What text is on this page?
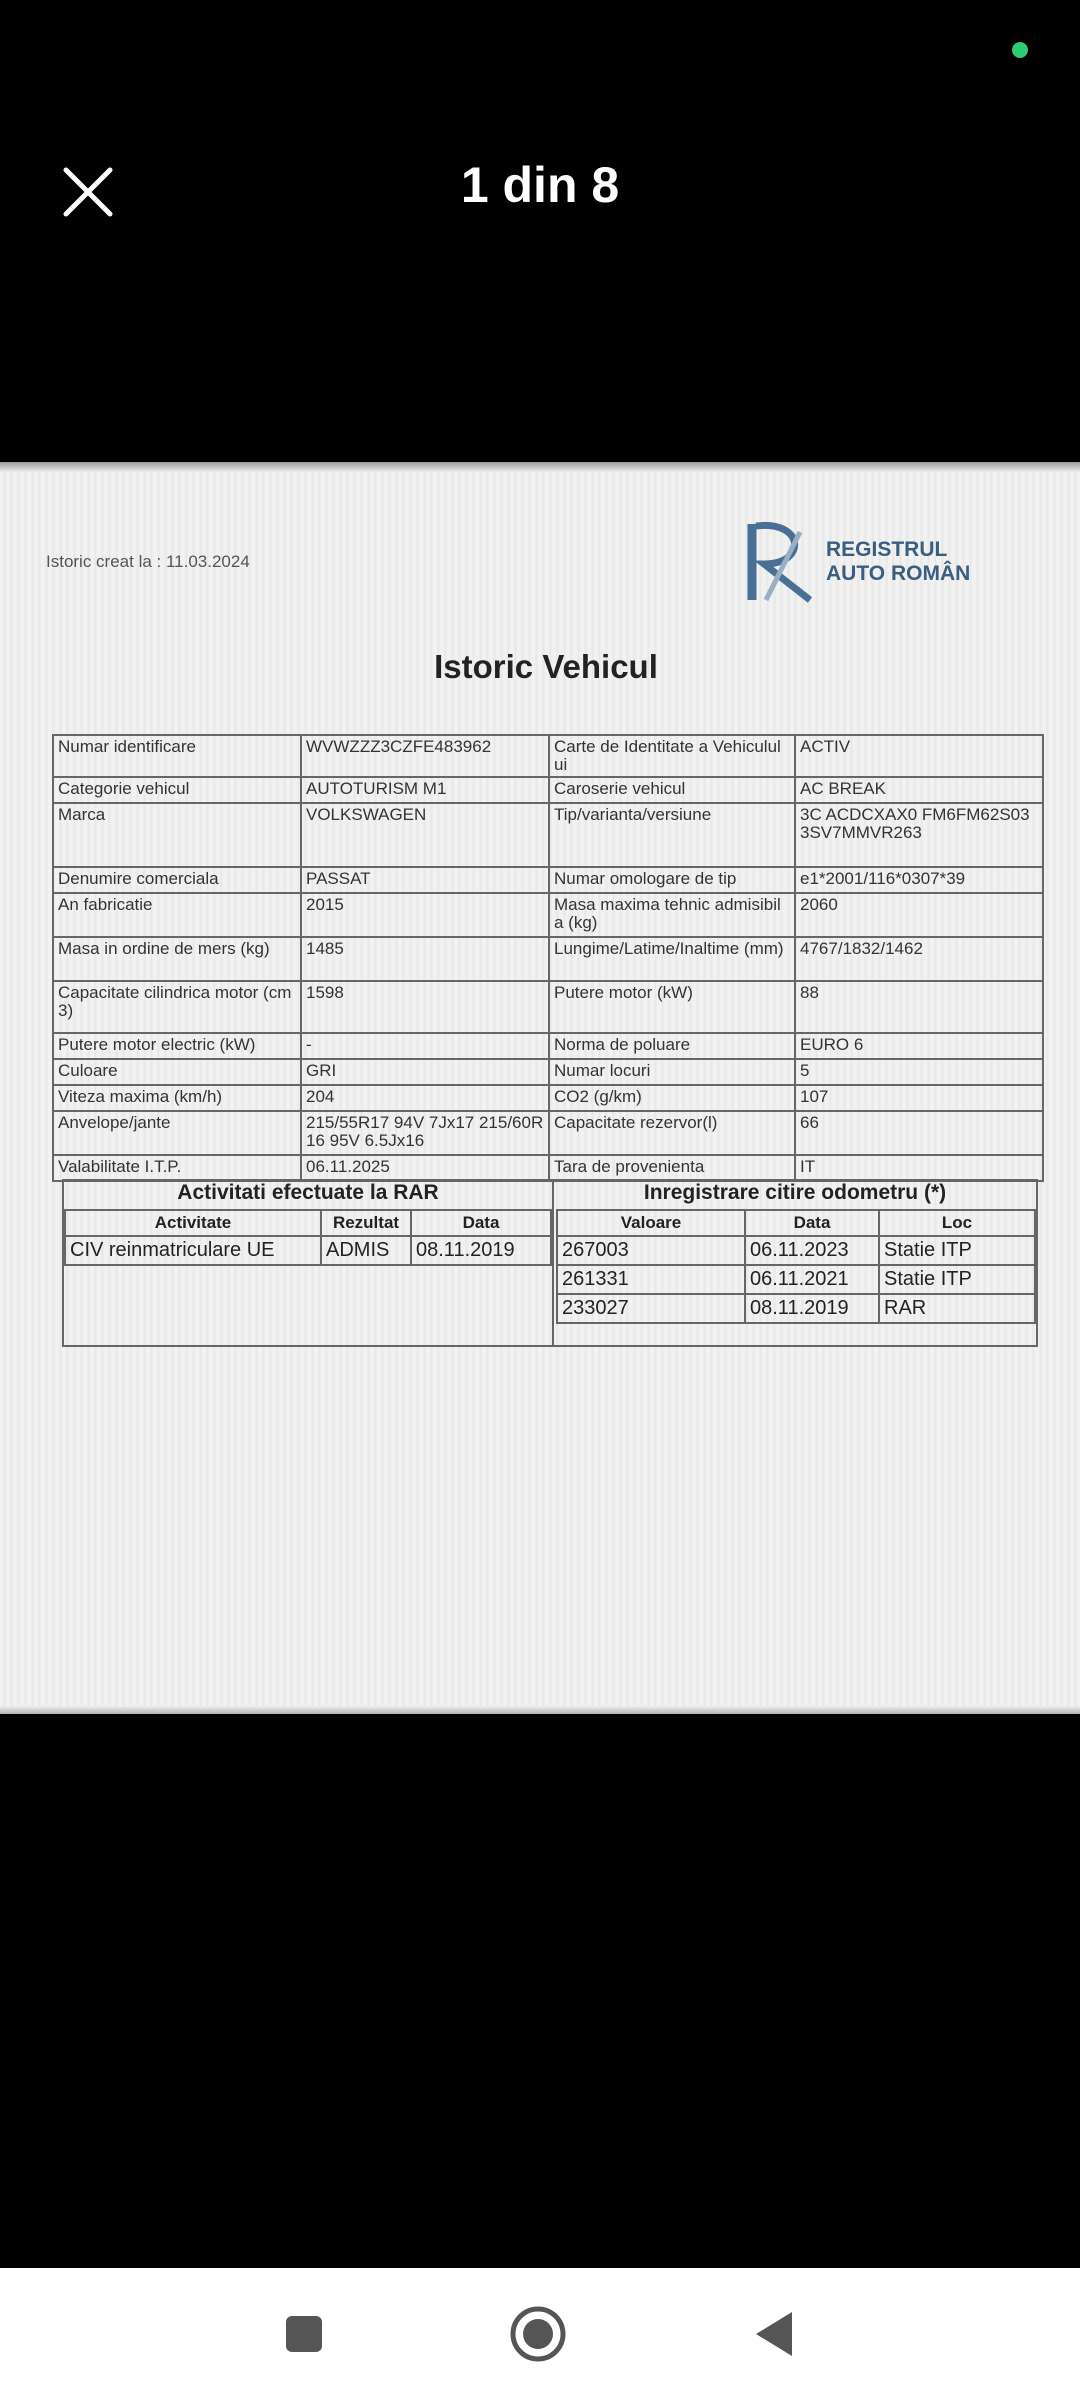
1 din 8
Istoric creat la : 11.03.2024
REGISTRUL
AUTO ROMÂN
Istoric Vehicul
Numar identificare	WVWZZZ3CZFE483962	Carte de Identitate a Vehiculului	ACTIV
Categorie vehicul	AUTOTURISM M1	Caroserie vehicul	AC BREAK
Marca	VOLKSWAGEN	Tip/varianta/versiune	3C ACDCXAX0 FM6FM62S033SV7MMVR263
Denumire comerciala	PASSAT	Numar omologare de tip	e1*2001/116*0307*39
An fabricatie	2015	Masa maxima tehnic admisibila (kg)	2060
Masa in ordine de mers (kg)	1485	Lungime/Latime/Inaltime (mm)	4767/1832/1462
Capacitate cilindrica motor (cm3)	1598	Putere motor (kW)	88
Putere motor electric (kW)	-	Norma de poluare	EURO 6
Culoare	GRI	Numar locuri	5
Viteza maxima (km/h)	204	CO2 (g/km)	107
Anvelope/jante	215/55R17 94V 7Jx17 215/60R16 95V 6.5Jx16	Capacitate rezervor(l)	66
Valabilitate I.T.P.	06.11.2025	Tara de provenienta	IT
Activitati efectuate la RAR	Inregistrare citire odometru (*)
Activitate	Rezultat	Data
CIV reinmatriculare UE	ADMIS	08.11.2019
Valoare	Data	Loc
267003	06.11.2023	Statie ITP
261331	06.11.2021	Statie ITP
233027	08.11.2019	RAR
